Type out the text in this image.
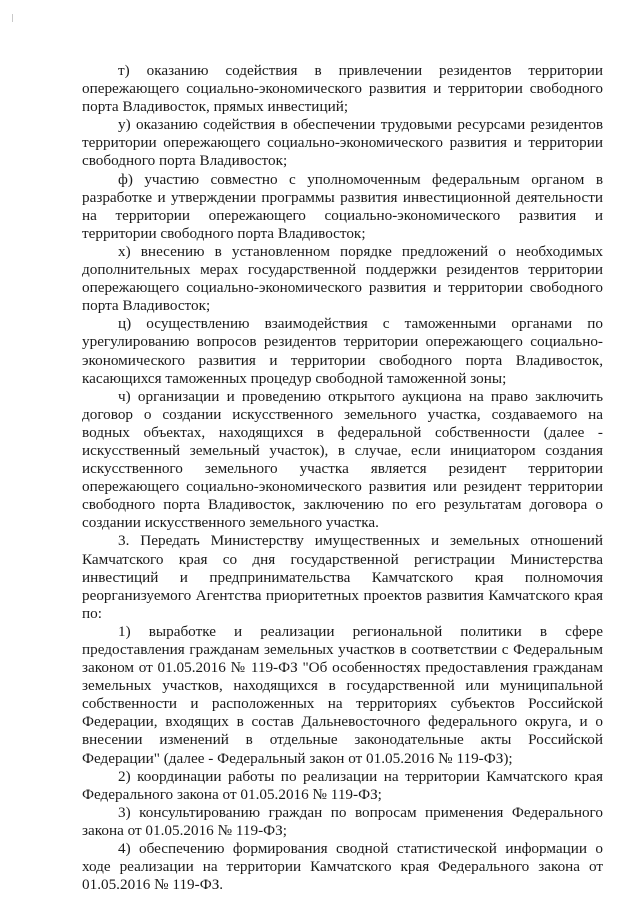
т) оказанию содействия в привлечении резидентов территории опережающего социально-экономического развития и территории свободного порта Владивосток, прямых инвестиций;

у) оказанию содействия в обеспечении трудовыми ресурсами резидентов территории опережающего социально-экономического развития и территории свободного порта Владивосток;

ф) участию совместно с уполномоченным федеральным органом в разработке и утверждении программы развития инвестиционной деятельности на территории опережающего социально-экономического развития и территории свободного порта Владивосток;

х) внесению в установленном порядке предложений о необходимых дополнительных мерах государственной поддержки резидентов территории опережающего социально-экономического развития и территории свободного порта Владивосток;

ц) осуществлению взаимодействия с таможенными органами по урегулированию вопросов резидентов территории опережающего социально-экономического развития и территории свободного порта Владивосток, касающихся таможенных процедур свободной таможенной зоны;

ч) организации и проведению открытого аукциона на право заключить договор о создании искусственного земельного участка, создаваемого на водных объектах, находящихся в федеральной собственности (далее - искусственный земельный участок), в случае, если инициатором создания искусственного земельного участка является резидент территории опережающего социально-экономического развития или резидент территории свободного порта Владивосток, заключению по его результатам договора о создании искусственного земельного участка.

3. Передать Министерству имущественных и земельных отношений Камчатского края со дня государственной регистрации Министерства инвестиций и предпринимательства Камчатского края полномочия реорганизуемого Агентства приоритетных проектов развития Камчатского края по:

1) выработке и реализации региональной политики в сфере предоставления гражданам земельных участков в соответствии с Федеральным законом от 01.05.2016 № 119-ФЗ "Об особенностях предоставления гражданам земельных участков, находящихся в государственной или муниципальной собственности и расположенных на территориях субъектов Российской Федерации, входящих в состав Дальневосточного федерального округа, и о внесении изменений в отдельные законодательные акты Российской Федерации" (далее - Федеральный закон от 01.05.2016 № 119-ФЗ);

2) координации работы по реализации на территории Камчатского края Федерального закона от 01.05.2016 № 119-ФЗ;

3) консультированию граждан по вопросам применения Федерального закона от 01.05.2016 № 119-ФЗ;

4) обеспечению формирования сводной статистической информации о ходе реализации на территории Камчатского края Федерального закона от 01.05.2016 № 119-ФЗ.
